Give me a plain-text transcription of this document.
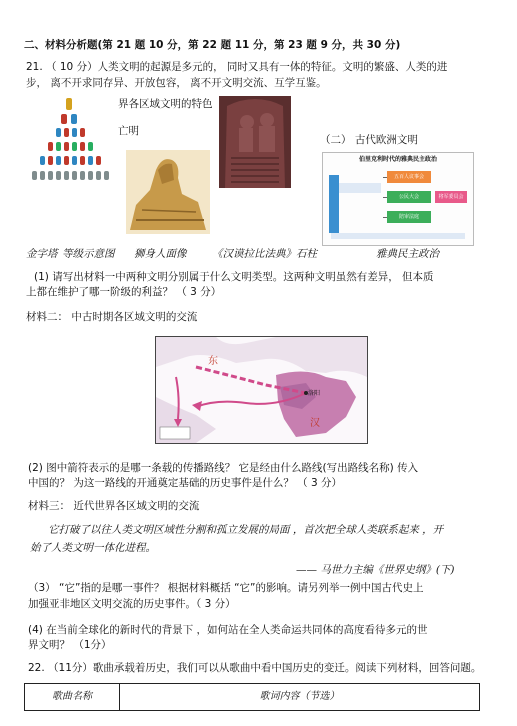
二、材料分析题(第 21 题 10 分，第 22 题 11 分，第 23 题 9 分，共 30 分)
21. （ 10 分）人类文明的起源是多元的， 同时又具有一体的特征。文明的繁盛、人类的进
步， 离不开求同存异、开放包容， 离不开文明交流、互学互鉴。
界各区域文明的特色
亡明
（二） 古代欧洲文明
伯里克利时代的雅典民主政治
五百人议事会
公民大会
陪审法庭
将军委员会
金字塔 等级示意图 狮身人面像 《汉谟拉比法典》石柱	雅典民主政治
(1) 请写出材料一中两种文明分别属于什么文明类型。这两种文明虽然有差异， 但本质
上都在维护了哪一阶级的利益？ （ 3 分）
材料二： 中古时期各区域文明的交流
东
洛阳
汉
(2) 图中箭符表示的是哪一条载的传播路线？ 它是经由什么路线(写出路线名称) 传入
中国的？ 为这一路线的开通奠定基础的历史事件是什么？ （ 3 分）
材料三： 近代世界各区域文明的交流
它打破了以往人类文明区域性分割和孤立发展的局面 ，首次把全球人类联系起来 ，开
始了人类文明一体化进程。
—— 马世力主编《世界史纲》(下)
（3） “它”指的是哪一事件？ 根据材料概括 “它”的影响。请另列举一例中国古代史上
加强亚非地区文明交流的历史事件。（ 3 分）
(4) 在当前全球化的新时代的背景下 ，如何站在全人类命运共同体的高度看待多元的世
界文明？ （1分）
22. （11分）歌曲承载着历史，我们可以从歌曲中看中国历史的变迁。阅读下列材料，回答问题。
歌曲名称	歌词内容（节选）
